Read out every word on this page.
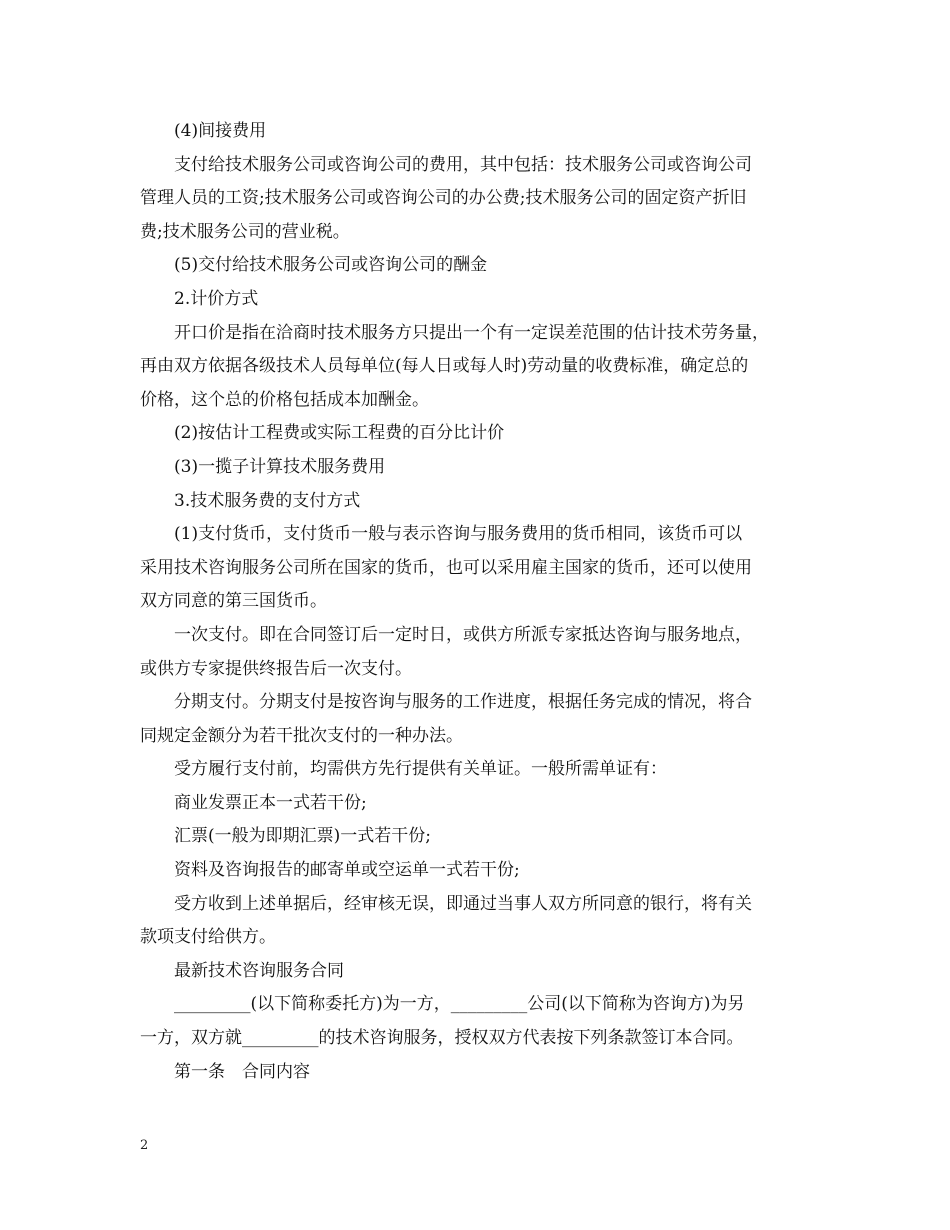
(4)间接费用

支付给技术服务公司或咨询公司的费用，其中包括：技术服务公司或咨询公司
管理人员的工资;技术服务公司或咨询公司的办公费;技术服务公司的固定资产折旧
费;技术服务公司的营业税。

(5)交付给技术服务公司或咨询公司的酬金

2.计价方式

开口价是指在洽商时技术服务方只提出一个有一定误差范围的估计技术劳务量，
再由双方依据各级技术人员每单位(每人日或每人时)劳动量的收费标准，确定总的
价格，这个总的价格包括成本加酬金。

(2)按估计工程费或实际工程费的百分比计价

(3)一揽子计算技术服务费用

3.技术服务费的支付方式

(1)支付货币，支付货币一般与表示咨询与服务费用的货币相同，该货币可以
采用技术咨询服务公司所在国家的货币，也可以采用雇主国家的货币，还可以使用
双方同意的第三国货币。

一次支付。即在合同签订后一定时日，或供方所派专家抵达咨询与服务地点，
或供方专家提供终报告后一次支付。

分期支付。分期支付是按咨询与服务的工作进度，根据任务完成的情况，将合
同规定金额分为若干批次支付的一种办法。

受方履行支付前，均需供方先行提供有关单证。一般所需单证有：

商业发票正本一式若干份;

汇票(一般为即期汇票)一式若干份;

资料及咨询报告的邮寄单或空运单一式若干份;

受方收到上述单据后，经审核无误，即通过当事人双方所同意的银行，将有关
款项支付给供方。

最新技术咨询服务合同

_________(以下简称委托方)为一方，_________公司(以下简称为咨询方)为另
一方，双方就_________的技术咨询服务，授权双方代表按下列条款签订本合同。

第一条　合同内容

2
